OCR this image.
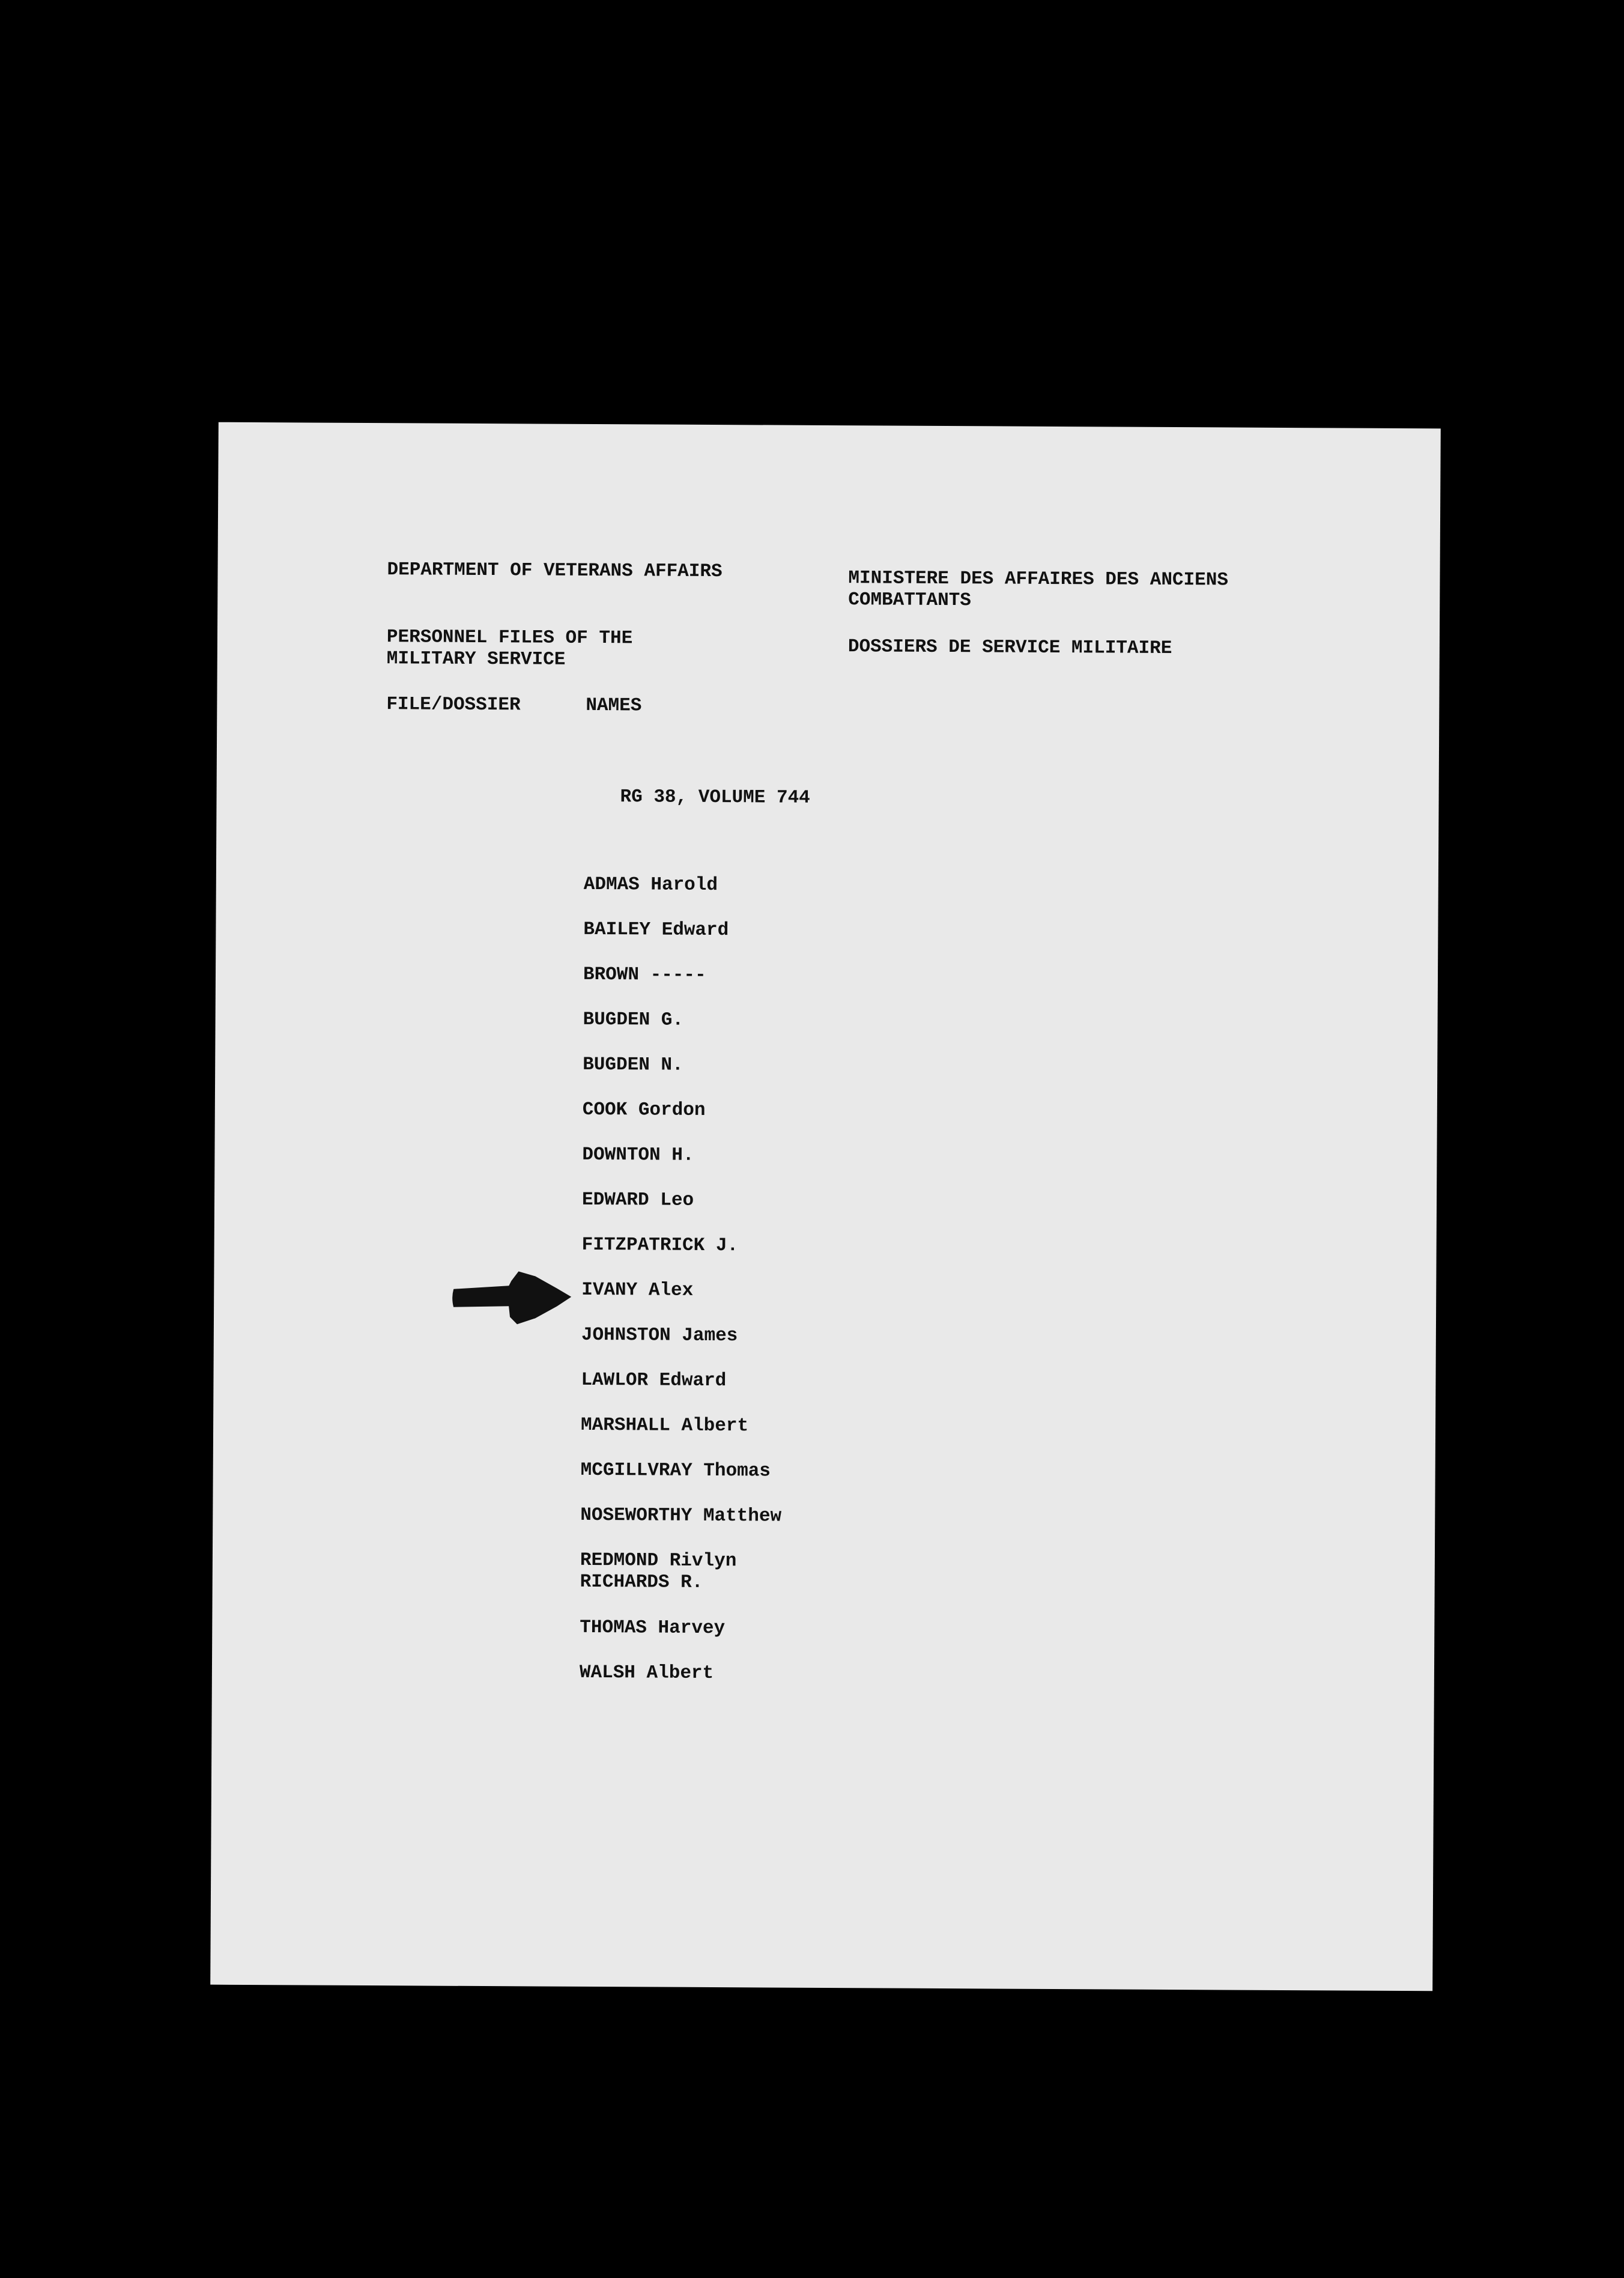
DEPARTMENT OF VETERANS AFFAIRS	MINISTERE DES AFFAIRES DES ANCIENS
COMBATTANTS
PERSONNEL FILES OF THE
MILITARY SERVICE
DOSSIERS DE SERVICE MILITAIRE
FILE/DOSSIER	NAMES
RG 38, VOLUME 744
ADMAS Harold
BAILEY Edward
BROWN -----
BUGDEN G.
BUGDEN N.
COOK Gordon
DOWNTON H.
EDWARD Leo
FITZPATRICK J.
IVANY Alex
JOHNSTON James
LAWLOR Edward
MARSHALL Albert
MCGILLVRAY Thomas
NOSEWORTHY Matthew
REDMOND Rivlyn
RICHARDS R.
THOMAS Harvey
WALSH Albert
